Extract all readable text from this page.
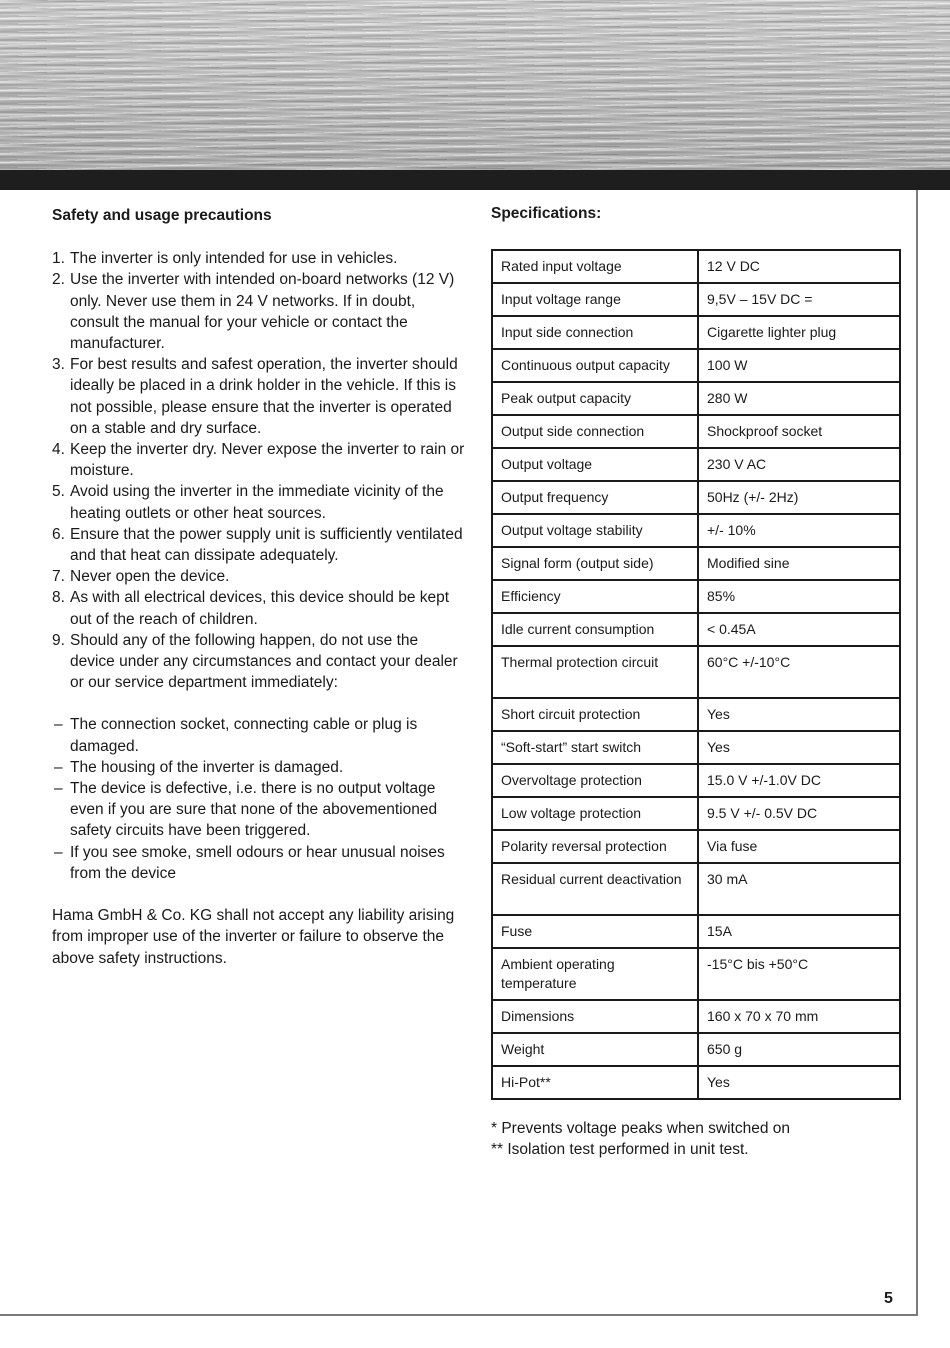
Safety and usage precautions
1. The inverter is only intended for use in vehicles.
2. Use the inverter with intended on-board networks (12 V) only. Never use them in 24 V networks. If in doubt, consult the manual for your vehicle or contact the manufacturer.
3. For best results and safest operation, the inverter should ideally be placed in a drink holder in the vehicle. If this is not possible, please ensure that the inverter is operated on a stable and dry surface.
4. Keep the inverter dry. Never expose the inverter to rain or moisture.
5. Avoid using the inverter in the immediate vicinity of the heating outlets or other heat sources.
6. Ensure that the power supply unit is sufficiently ventilated and that heat can dissipate adequately.
7. Never open the device.
8. As with all electrical devices, this device should be kept out of the reach of children.
9. Should any of the following happen, do not use the device under any circumstances and contact your dealer or our service department immediately:
– The connection socket, connecting cable or plug is damaged.
– The housing of the inverter is damaged.
– The device is defective, i.e. there is no output voltage even if you are sure that none of the abovementioned safety circuits have been triggered.
– If you see smoke, smell odours or hear unusual noises from the device

Hama GmbH & Co. KG shall not accept any liability arising from improper use of the inverter or failure to observe the above safety instructions.

Specifications:
Rated input voltage	12 V DC
Input voltage range	9,5V – 15V DC =
Input side connection	Cigarette lighter plug
Continuous output capacity	100 W
Peak output capacity	280 W
Output side connection	Shockproof socket
Output voltage	230 V AC
Output frequency	50Hz (+/- 2Hz)
Output voltage stability	+/- 10%
Signal form (output side)	Modified sine
Efficiency	85%
Idle current consumption	< 0.45A
Thermal protection circuit	60°C +/-10°C
Short circuit protection	Yes
“Soft-start” start switch	Yes
Overvoltage protection	15.0 V +/-1.0V DC
Low voltage protection	9.5 V +/- 0.5V DC
Polarity reversal protection	Via fuse
Residual current deactivation	30 mA
Fuse	15A
Ambient operating temperature	-15°C bis +50°C
Dimensions	160 x 70 x 70 mm
Weight	650 g
Hi-Pot**	Yes
* Prevents voltage peaks when switched on
** Isolation test performed in unit test.
5
